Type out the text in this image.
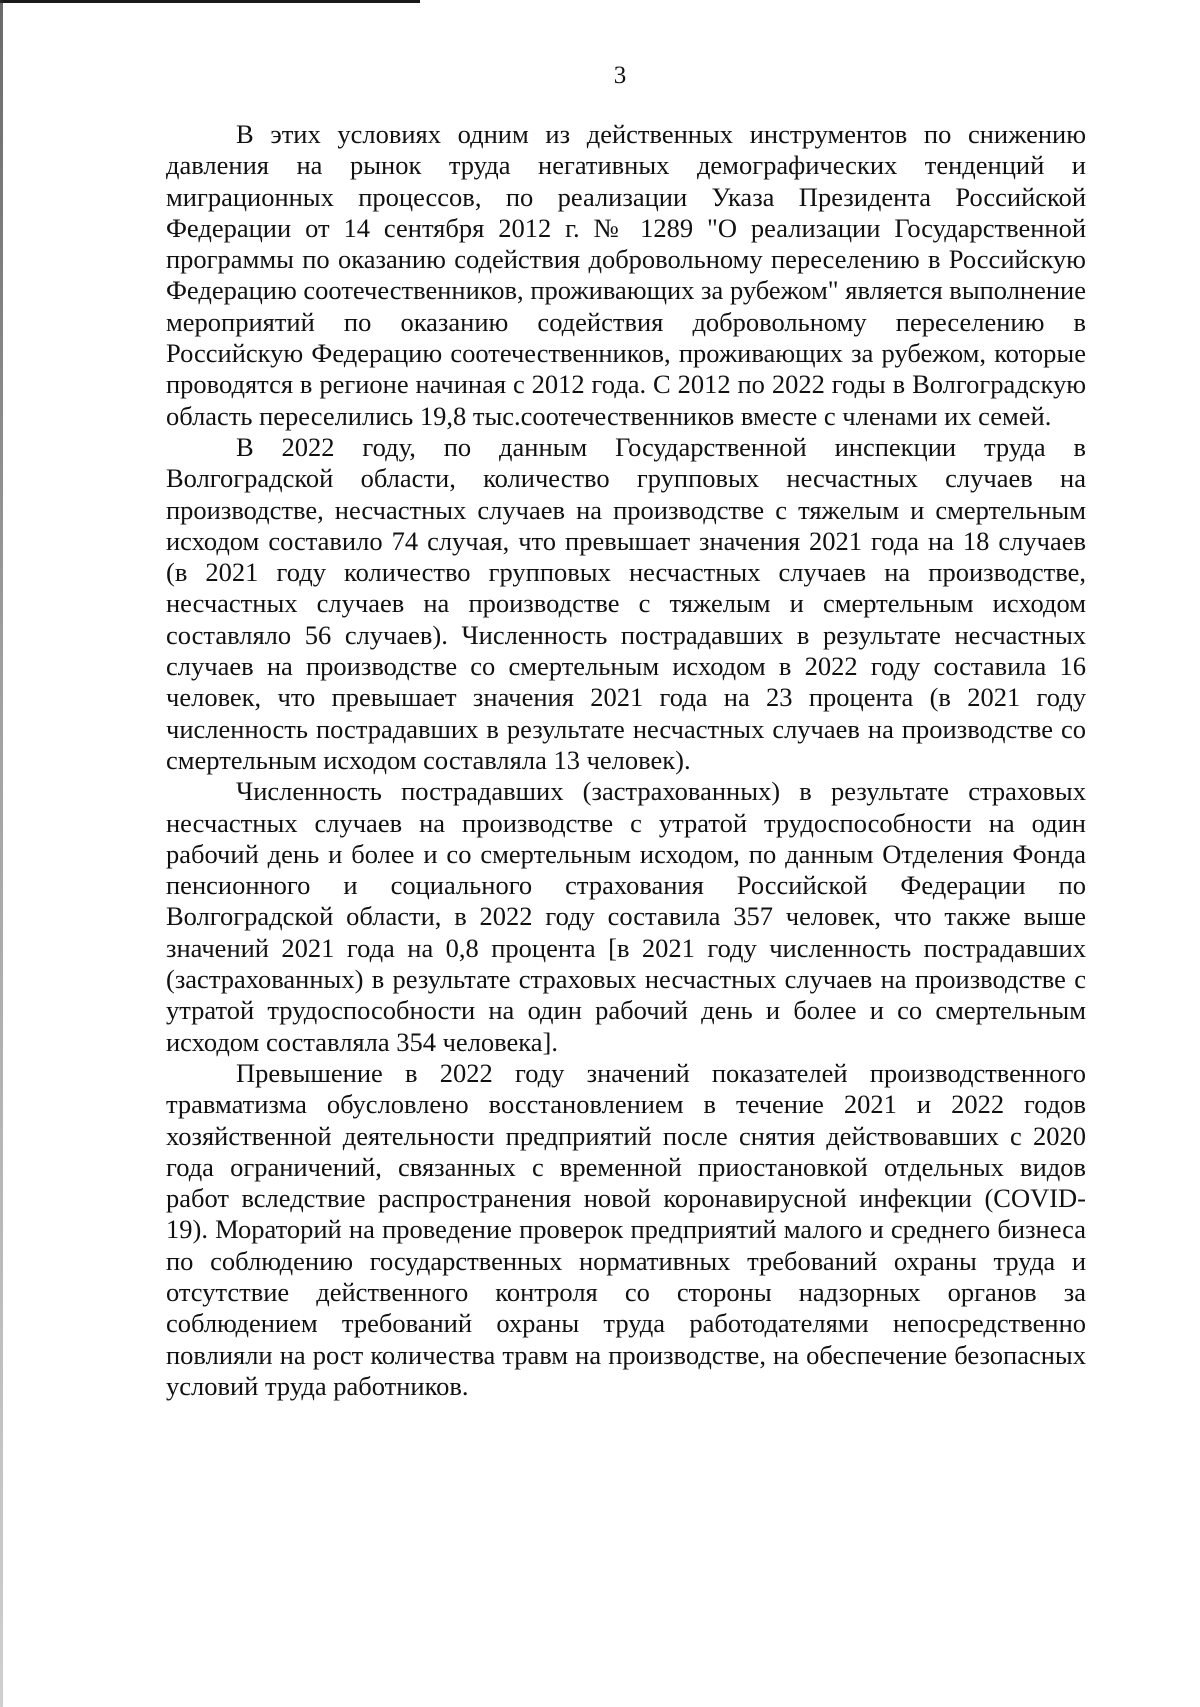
3

В этих условиях одним из действенных инструментов по снижению давления на рынок труда негативных демографических тенденций и миграционных процессов, по реализации Указа Президента Российской Федерации от 14 сентября 2012 г. № 1289 "О реализации Государственной программы по оказанию содействия добровольному переселению в Российскую Федерацию соотечественников, проживающих за рубежом" является выполнение мероприятий по оказанию содействия добровольному переселению в Российскую Федерацию соотечественников, проживающих за рубежом, которые проводятся в регионе начиная с 2012 года. С 2012 по 2022 годы в Волгоградскую область переселились 19,8 тыс.соотечественников вместе с членами их семей.

В 2022 году, по данным Государственной инспекции труда в Волгоградской области, количество групповых несчастных случаев на производстве, несчастных случаев на производстве с тяжелым и смертельным исходом составило 74 случая, что превышает значения 2021 года на 18 случаев (в 2021 году количество групповых несчастных случаев на производстве, несчастных случаев на производстве с тяжелым и смертельным исходом составляло 56 случаев). Численность пострадавших в результате несчастных случаев на производстве со смертельным исходом в 2022 году составила 16 человек, что превышает значения 2021 года на 23 процента (в 2021 году численность пострадавших в результате несчастных случаев на производстве со смертельным исходом составляла 13 человек).

Численность пострадавших (застрахованных) в результате страховых несчастных случаев на производстве с утратой трудоспособности на один рабочий день и более и со смертельным исходом, по данным Отделения Фонда пенсионного и социального страхования Российской Федерации по Волгоградской области, в 2022 году составила 357 человек, что также выше значений 2021 года на 0,8 процента [в 2021 году численность пострадавших (застрахованных) в результате страховых несчастных случаев на производстве с утратой трудоспособности на один рабочий день и более и со смертельным исходом составляла 354 человека].

Превышение в 2022 году значений показателей производственного травматизма обусловлено восстановлением в течение 2021 и 2022 годов хозяйственной деятельности предприятий после снятия действовавших с 2020 года ограничений, связанных с временной приостановкой отдельных видов работ вследствие распространения новой коронавирусной инфекции (COVID-19). Мораторий на проведение проверок предприятий малого и среднего бизнеса по соблюдению государственных нормативных требований охраны труда и отсутствие действенного контроля со стороны надзорных органов за соблюдением требований охраны труда работодателями непосредственно повлияли на рост количества травм на производстве, на обеспечение безопасных условий труда работников.
